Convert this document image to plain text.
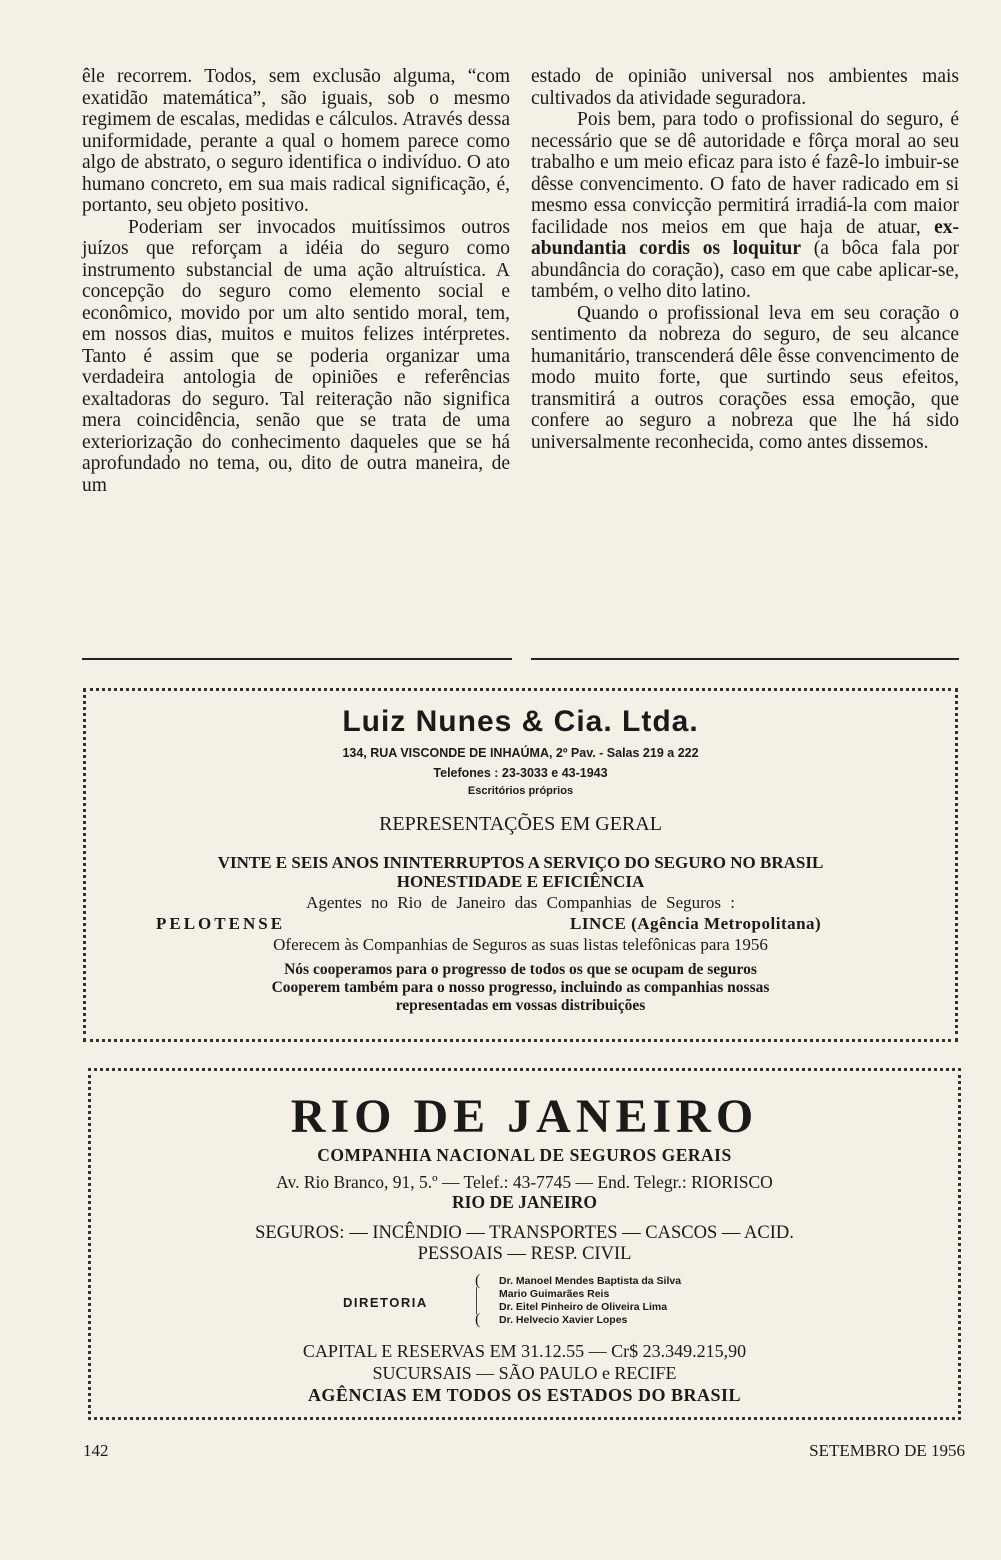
êle recorrem. Todos, sem exclusão alguma, “com exatidão matemática”, são iguais, sob o mesmo regimem de escalas, medidas e cálculos. Através dessa uniformidade, perante a qual o homem parece como algo de abstrato, o seguro identifica o indivíduo. O ato humano concreto, em sua mais radical significação, é, portanto, seu objeto positivo.

Poderiam ser invocados muitíssimos outros juízos que reforçam a idéia do seguro como instrumento substancial de uma ação altruística. A concepção do seguro como elemento social e econômico, movido por um alto sentido moral, tem, em nossos dias, muitos e muitos felizes intérpretes. Tanto é assim que se poderia organizar uma verdadeira antologia de opiniões e referências exaltadoras do seguro. Tal reiteração não significa mera coincidência, senão que se trata de uma exteriorização do conhecimento daqueles que se há aprofundado no tema, ou, dito de outra maneira, de um

estado de opinião universal nos ambientes mais cultivados da atividade seguradora.

Pois bem, para todo o profissional do seguro, é necessário que se dê autoridade e fôrça moral ao seu trabalho e um meio eficaz para isto é fazê-lo imbuir-se dêsse convencimento. O fato de haver radicado em si mesmo essa convicção permitirá irradiá-la com maior facilidade nos meios em que haja de atuar, ex-abundantia cordis os loquitur (a bôca fala por abundância do coração), caso em que cabe aplicar-se, também, o velho dito latino.

Quando o profissional leva em seu coração o sentimento da nobreza do seguro, de seu alcance humanitário, transcenderá dêle êsse convencimento de modo muito forte, que surtindo seus efeitos, transmitirá a outros corações essa emoção, que confere ao seguro a nobreza que lhe há sido universalmente reconhecida, como antes dissemos.

Luiz Nunes & Cia. Ltda.
134, RUA VISCONDE DE INHAÚMA, 2º Pav. - Salas 219 a 222
Telefones : 23-3033 e 43-1943
Escritórios próprios
REPRESENTAÇÕES EM GERAL
VINTE E SEIS ANOS ININTERRUPTOS A SERVIÇO DO SEGURO NO BRASIL
HONESTIDADE E EFICIÊNCIA
Agentes no Rio de Janeiro das Companhias de Seguros :
PELOTENSE	LINCE (Agência Metropolitana)
Oferecem às Companhias de Seguros as suas listas telefônicas para 1956
Nós cooperamos para o progresso de todos os que se ocupam de seguros
Cooperem também para o nosso progresso, incluindo as companhias nossas
representadas em vossas distribuições
RIO DE JANEIRO
COMPANHIA NACIONAL DE SEGUROS GERAIS
Av. Rio Branco, 91, 5.º — Telef.: 43-7745 — End. Telegr.: RIORISCO
RIO DE JANEIRO
SEGUROS: — INCÊNDIO — TRANSPORTES — CASCOS — ACID.
PESSOAIS — RESP. CIVIL
DIRETORIA
(
|
|
(
Dr. Manoel Mendes Baptista da Silva
Mario Guimarães Reis
Dr. Eitel Pinheiro de Oliveira Lima
Dr. Helvecio Xavier Lopes
CAPITAL E RESERVAS EM 31.12.55 — Cr$ 23.349.215,90
SUCURSAIS — SÃO PAULO e RECIFE
AGÊNCIAS EM TODOS OS ESTADOS DO BRASIL
142	SETEMBRO DE 1956
